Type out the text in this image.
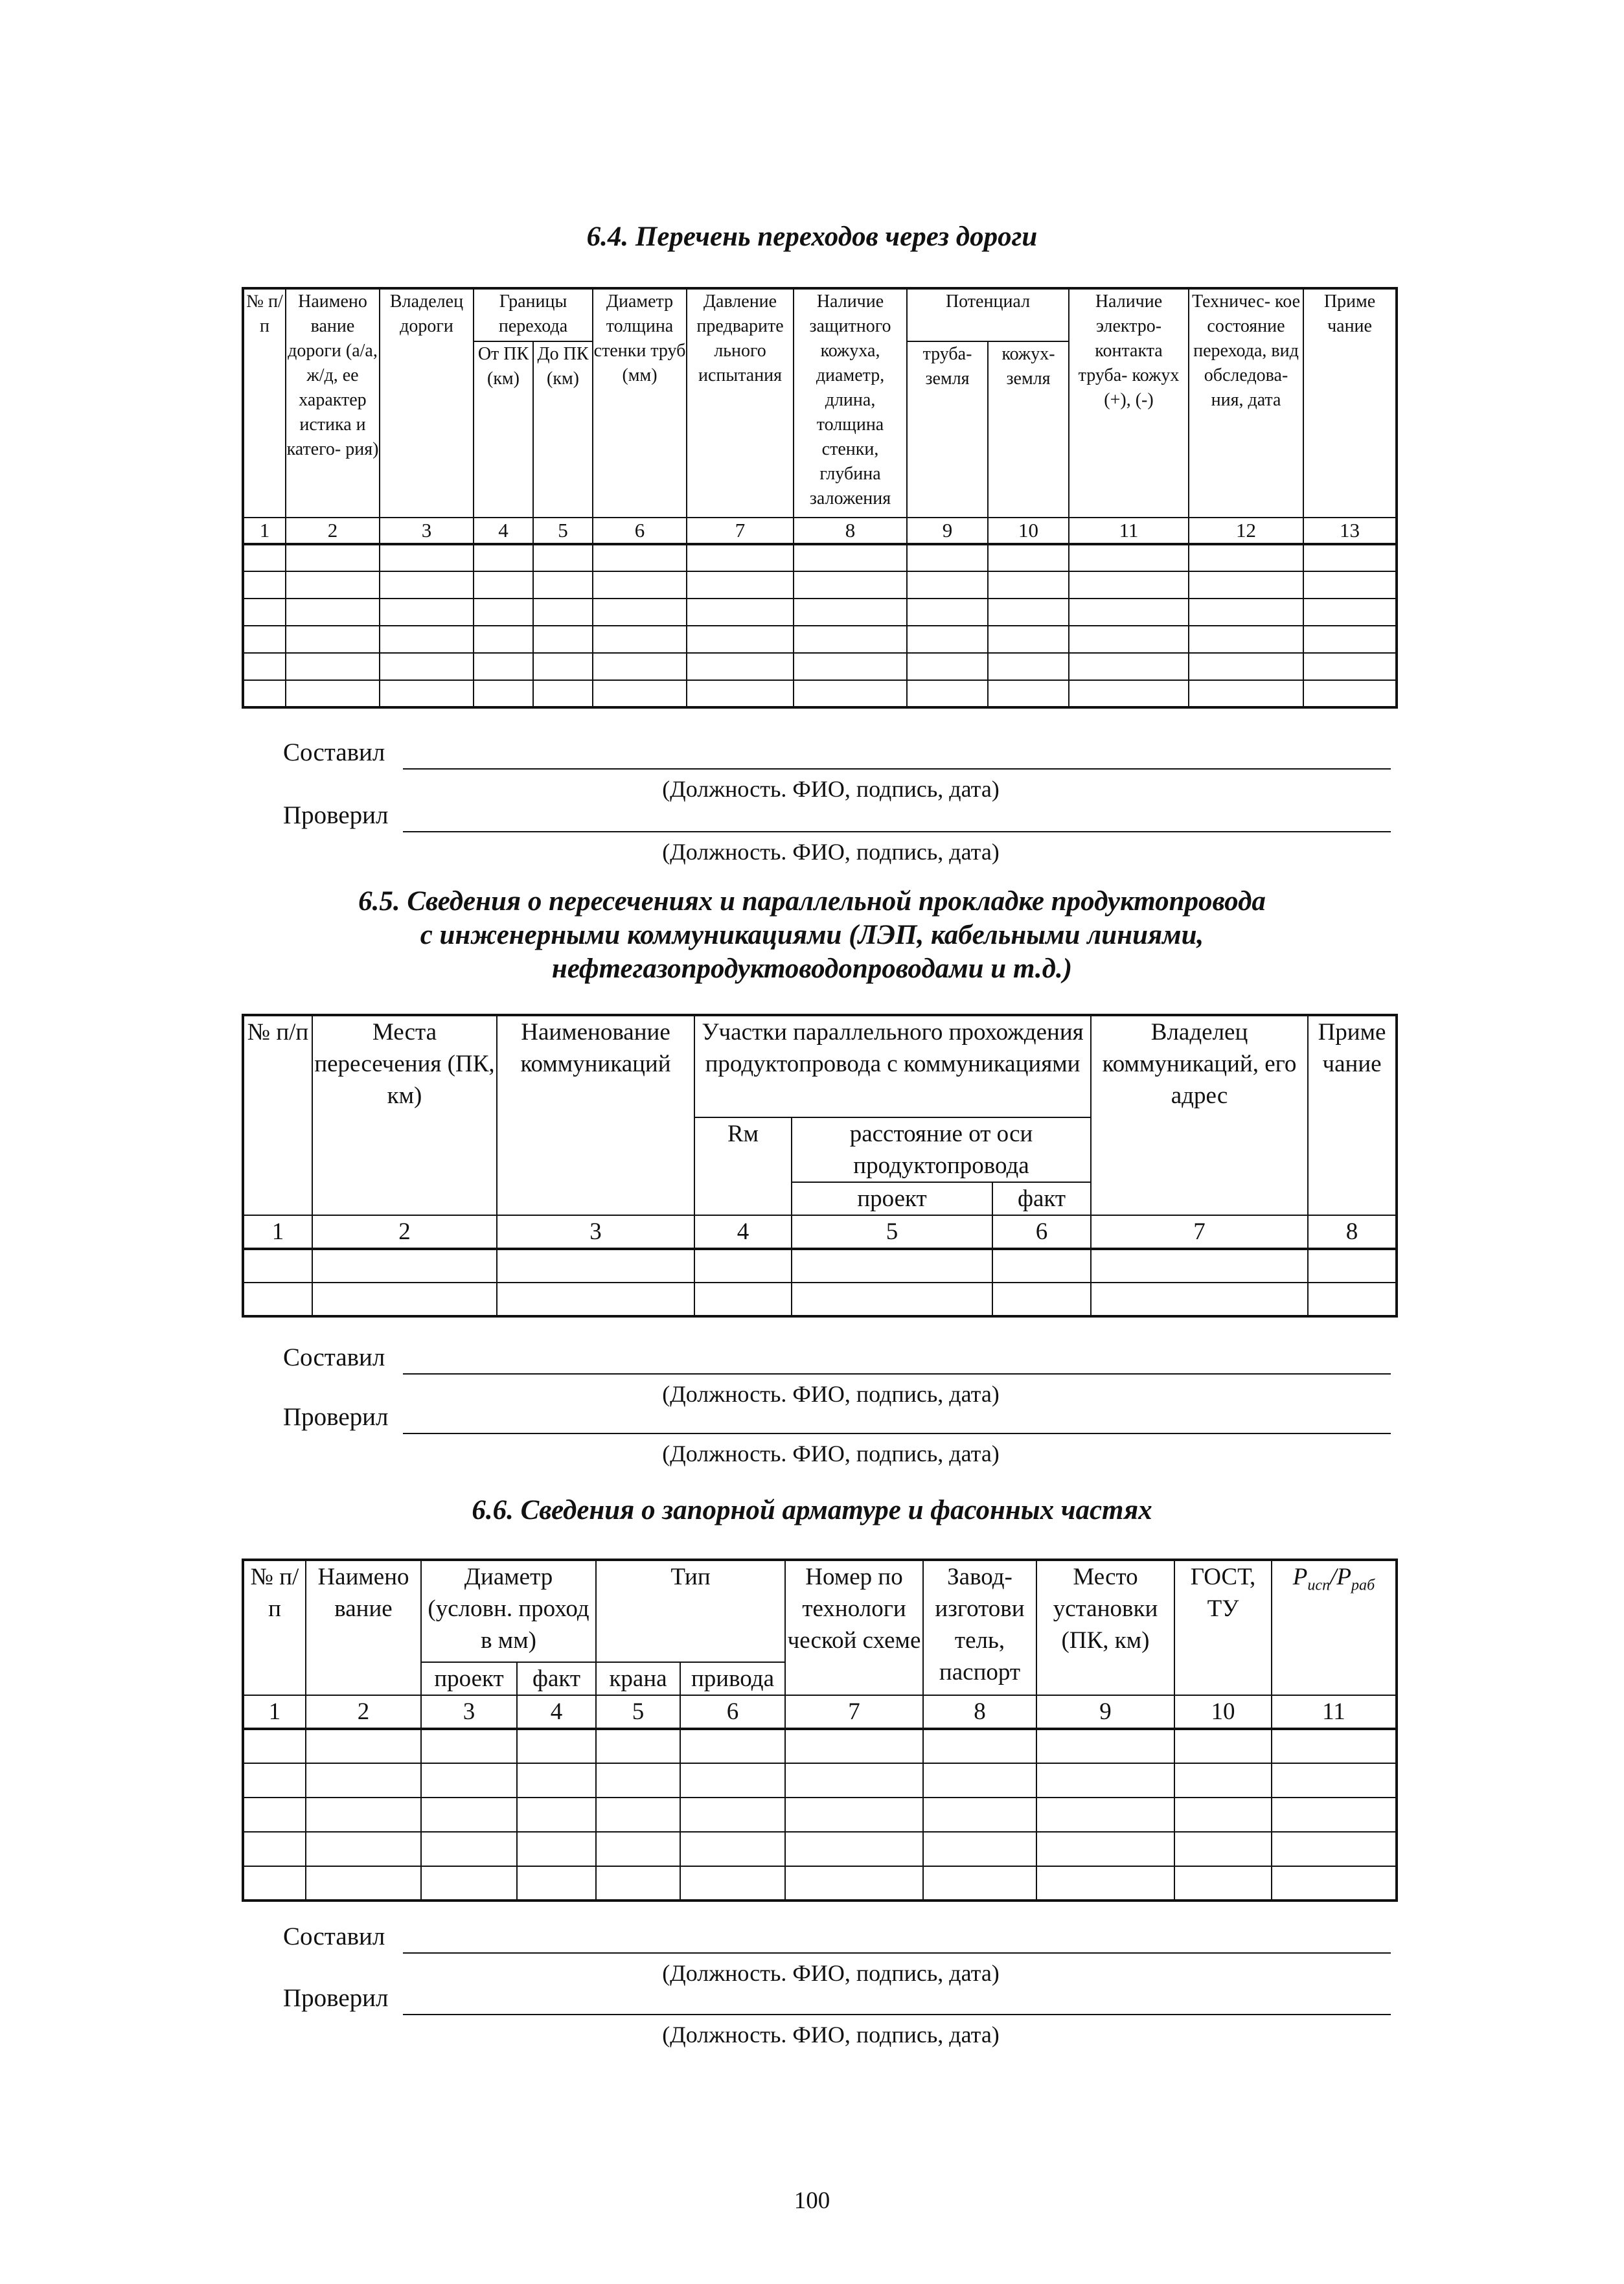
6.4. Перечень переходов через дороги
№ п/п	Наимено вание дороги (а/а, ж/д, ее характер истика и катего- рия)	Владелец дороги	Границы перехода		Диаметр толщина стенки труб (мм)	Давление предварите льного испытания	Наличие защитного кожуха, диаметр, длина, толщина стенки, глубина заложения	Потенциал		Наличие электро- контакта труба- кожух (+), (-)	Техничес- кое состояние перехода, вид обследова- ния, дата	Приме чание
			От ПК (км)	До ПК (км)				труба- земля	кожух- земля			
1	2	3	4	5	6	7	8	9	10	11	12	13

Составил
(Должность. ФИО, подпись, дата)
Проверил
(Должность. ФИО, подпись, дата)
6.5. Сведения о пересечениях и параллельной прокладке продуктопровода
с инженерными коммуникациями (ЛЭП, кабельными линиями,
нефтегазопродуктоводопроводами и т.д.)
№ п/п	Места пересечения (ПК, км)	Наименование коммуникаций	Участки параллельного прохождения продуктопровода с коммуникациями			Владелец коммуникаций, его адрес	Приме чание
			Rм	расстояние от оси продуктопровода			
				проект	факт		
1	2	3	4	5	6	7	8

Составил
(Должность. ФИО, подпись, дата)
Проверил
(Должность. ФИО, подпись, дата)
6.6. Сведения о запорной арматуре и фасонных частях
№ п/п	Наимено вание	Диаметр (условн. проход в мм)		Тип		Номер по технологи ческой схеме	Завод- изготови тель, паспорт	Место установки (ПК, км)	ГОСТ, ТУ	$P_{исп}/P_{раб}$
		проект	факт	крана	привода					
1	2	3	4	5	6	7	8	9	10	11

Составил
(Должность. ФИО, подпись, дата)
Проверил
(Должность. ФИО, подпись, дата)
100
